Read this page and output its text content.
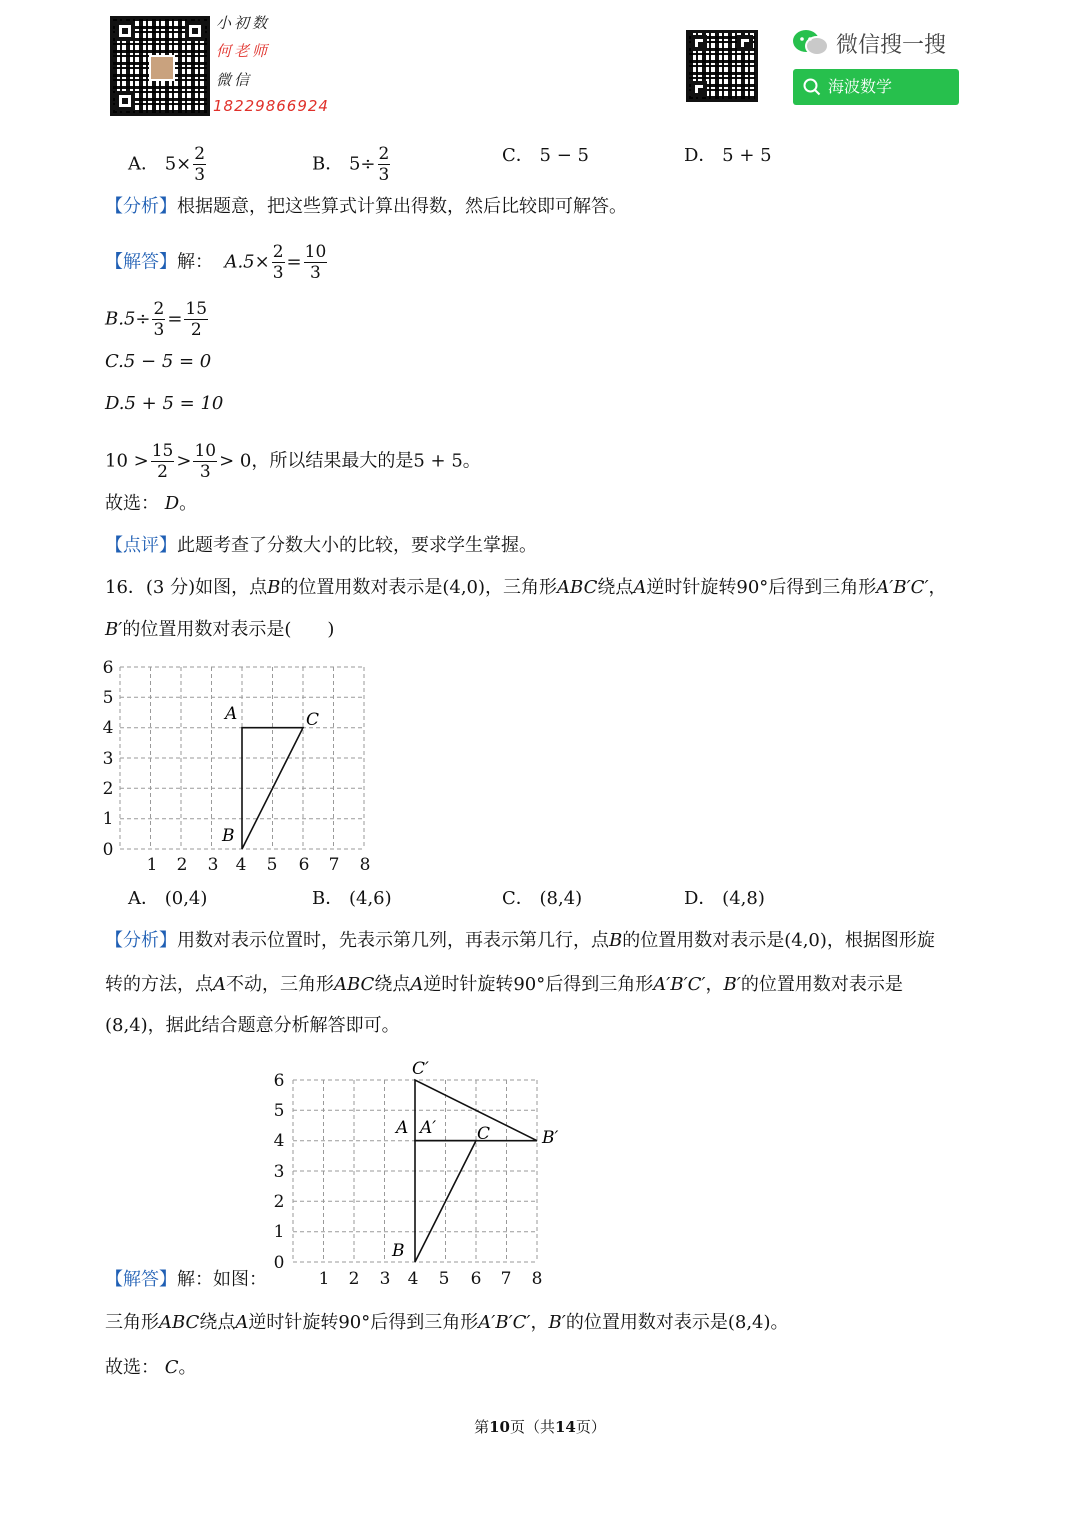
小初数
何老师
微信
18229866924
微信搜一搜
海波数学
A． $5\times \frac{2}{3}$	B． $5\div \frac{2}{3}$	C． 5 − 5	D． 5 + 5
【分析】根据题意，把这些算式计算出得数，然后比较即可解答。
【解答】解： $A.5\times \frac{2}{3} = \frac{10}{3}$
$B.5\div \frac{2}{3} = \frac{15}{2}$
C.5 − 5 = 0
D.5 + 5 = 10
$10 > \frac{15}{2} > \frac{10}{3} > 0$，所以结果最大的是5 + 5。
故选： D。
【点评】此题考查了分数大小的比较，要求学生掌握。
16．(3 分)如图，点B的位置用数对表示是(4,0)，三角形ABC绕点A逆时针旋转90°后得到三角形A′B′C′，
B′的位置用数对表示是(　　)
0
1
2
3
4
5
6
1 2 3 4 5 6 7 8
A	C
B
A． (0,4)	B． (4,6)	C． (8,4)	D． (4,8)
【分析】用数对表示位置时，先表示第几列，再表示第几行，点B的位置用数对表示是(4,0)，根据图形旋
转的方法，点A不动，三角形ABC绕点A逆时针旋转90°后得到三角形A′B′C′，B′的位置用数对表示是
(8,4)，据此结合题意分析解答即可。
0
1
2
3
4
5
6
1 2 3 4 5 6 7 8
C′
A A′ C	B′
B
【解答】解：如图：
三角形ABC绕点A逆时针旋转90°后得到三角形A′B′C′，B′的位置用数对表示是(8,4)。
故选： C。
第10页（共14页）
